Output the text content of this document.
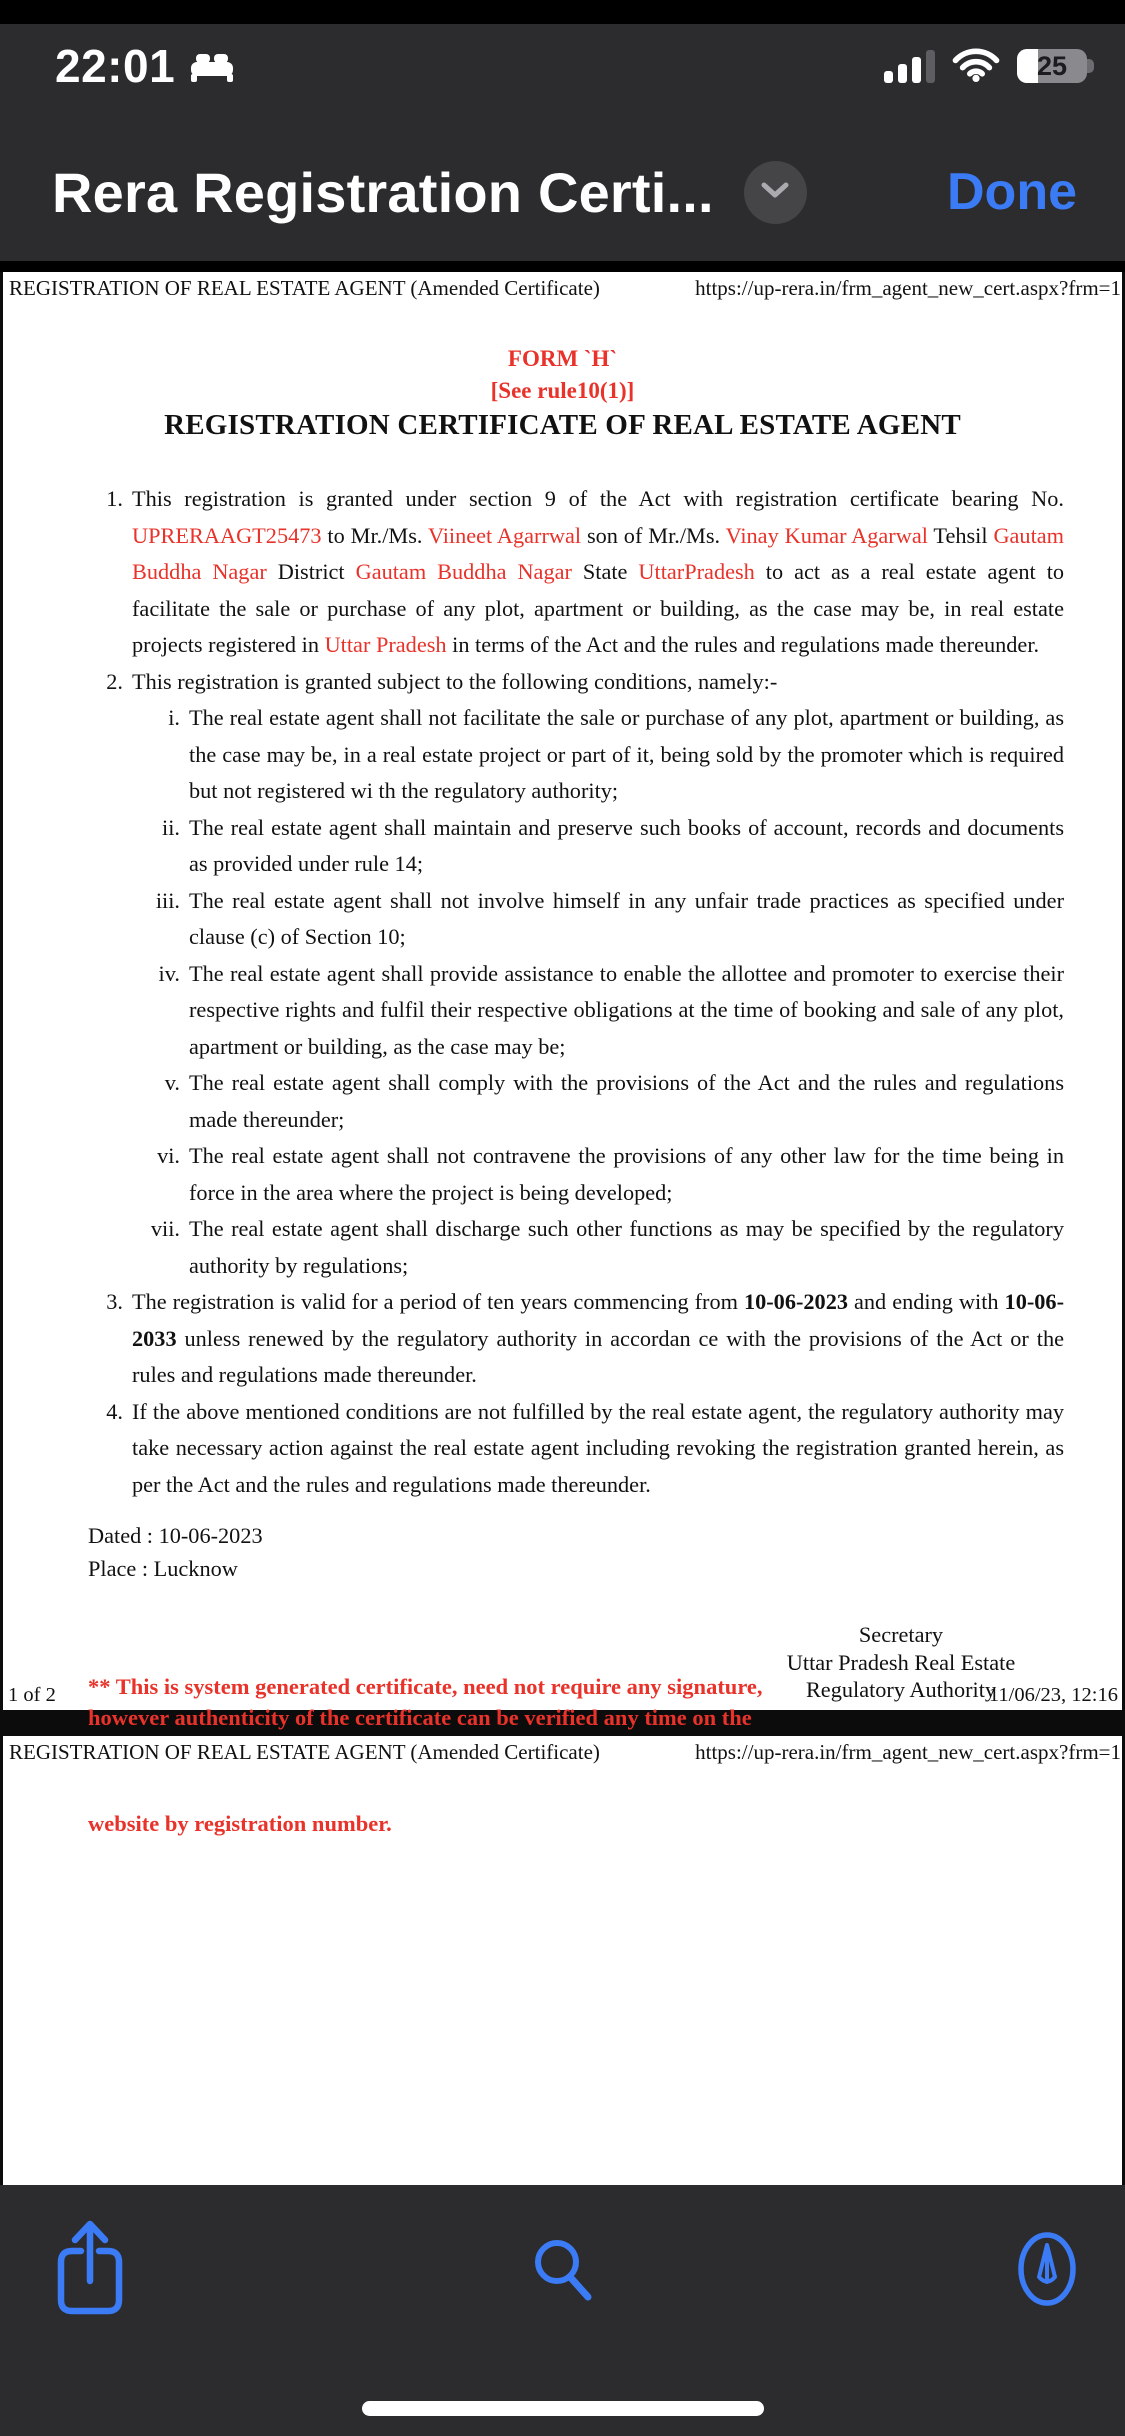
22:01	25
Rera Registration Certi...	Done
REGISTRATION OF REAL ESTATE AGENT (Amended Certificate)	https://up-rera.in/frm_agent_new_cert.aspx?frm=1
FORM `H`
[See rule10(1)]
REGISTRATION CERTIFICATE OF REAL ESTATE AGENT
1. This registration is granted under section 9 of the Act with registration certificate bearing No. UPRERAAGT25473 to Mr./Ms. Viineet Agarrwal son of Mr./Ms. Vinay Kumar Agarwal Tehsil Gautam Buddha Nagar District Gautam Buddha Nagar State UttarPradesh to act as a real estate agent to facilitate the sale or purchase of any plot, apartment or building, as the case may be, in real estate projects registered in Uttar Pradesh in terms of the Act and the rules and regulations made thereunder.

2. This registration is granted subject to the following conditions, namely:-

i. The real estate agent shall not facilitate the sale or purchase of any plot, apartment or building, as the case may be, in a real estate project or part of it, being sold by the promoter which is required but not registered wi th the regulatory authority;

ii. The real estate agent shall maintain and preserve such books of account, records and documents as provided under rule 14;

iii. The real estate agent shall not involve himself in any unfair trade practices as specified under clause (c) of Section 10;

iv. The real estate agent shall provide assistance to enable the allottee and promoter to exercise their respective rights and fulfil their respective obligations at the time of booking and sale of any plot, apartment or building, as the case may be;

v. The real estate agent shall comply with the provisions of the Act and the rules and regulations made thereunder;

vi. The real estate agent shall not contravene the provisions of any other law for the time being in force in the area where the project is being developed;

vii. The real estate agent shall discharge such other functions as may be specified by the regulatory authority by regulations;

3. The registration is valid for a period of ten years commencing from 10-06-2023 and ending with 10-06-2033 unless renewed by the regulatory authority in accordan ce with the provisions of the Act or the rules and regulations made thereunder.

4. If the above mentioned conditions are not fulfilled by the real estate agent, the regulatory authority may take necessary action against the real estate agent including revoking the registration granted herein, as per the Act and the rules and regulations made thereunder.

Dated : 10-06-2023
Place : Lucknow
** This is system generated certificate, need not require any signature,
however authenticity of the certificate can be verified any time on the
Secretary
Uttar Pradesh Real Estate
Regulatory Authority
1 of 2	11/06/23, 12:16
REGISTRATION OF REAL ESTATE AGENT (Amended Certificate)	https://up-rera.in/frm_agent_new_cert.aspx?frm=1
website by registration number.
